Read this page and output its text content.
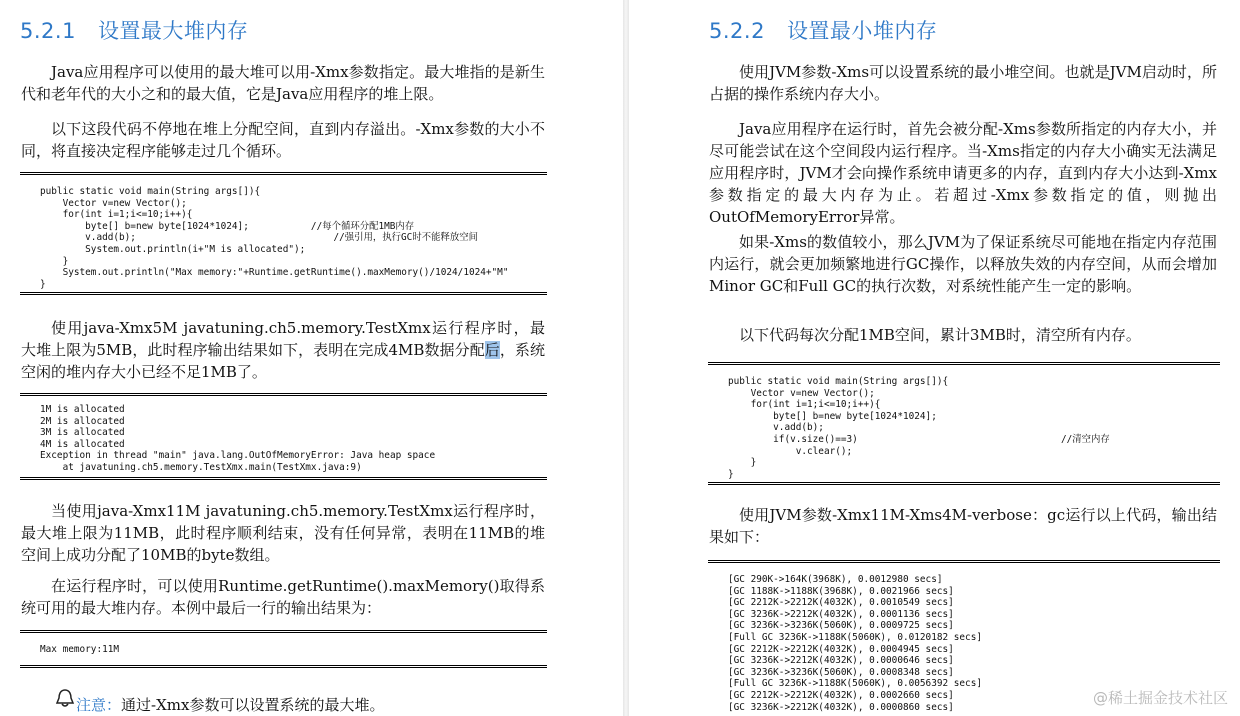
5.2.1 设置最大堆内存

Java应用程序可以使用的最大堆可以用-Xmx参数指定。最大堆指的是新生代和老年代的大小之和的最大值，它是Java应用程序的堆上限。

以下这段代码不停地在堆上分配空间，直到内存溢出。-Xmx参数的大小不同，将直接决定程序能够走过几个循环。

public static void main(String args[]){
Vector v=new Vector();
for(int i=1;i<=10;i++){
byte[] b=new byte[1024*1024];           //每个循环分配1MB内存
v.add(b);                                   //强引用，执行GC时不能释放空间
System.out.println(i+"M is allocated");
}
System.out.println("Max memory:"+Runtime.getRuntime().maxMemory()/1024/1024+"M"
}

使用java-Xmx5M javatuning.ch5.memory.TestXmx运行程序时，最大堆上限为5MB，此时程序输出结果如下，表明在完成4MB数据分配后，系统空闲的堆内存大小已经不足1MB了。

1M is allocated
2M is allocated
3M is allocated
4M is allocated
Exception in thread "main" java.lang.OutOfMemoryError: Java heap space
at javatuning.ch5.memory.TestXmx.main(TestXmx.java:9)

当使用java-Xmx11M javatuning.ch5.memory.TestXmx运行程序时，最大堆上限为11MB，此时程序顺利结束，没有任何异常，表明在11MB的堆空间上成功分配了10MB的byte数组。

在运行程序时，可以使用Runtime.getRuntime().maxMemory()取得系统可用的最大堆内存。本例中最后一行的输出结果为：

Max memory:11M
注意：通过-Xmx参数可以设置系统的最大堆。
5.2.2 设置最小堆内存

使用JVM参数-Xms可以设置系统的最小堆空间。也就是JVM启动时，所占据的操作系统内存大小。

Java应用程序在运行时，首先会被分配-Xms参数所指定的内存大小，并尽可能尝试在这个空间段内运行程序。当-Xms指定的内存大小确实无法满足应用程序时，JVM才会向操作系统申请更多的内存，直到内存大小达到-Xmx参数指定的最大内存为止。若超过-Xmx参数指定的值，则抛出OutOfMemoryError异常。

如果-Xms的数值较小，那么JVM为了保证系统尽可能地在指定内存范围内运行，就会更加频繁地进行GC操作，以释放失效的内存空间，从而会增加Minor GC和Full GC的执行次数，对系统性能产生一定的影响。

以下代码每次分配1MB空间，累计3MB时，清空所有内存。

public static void main(String args[]){
Vector v=new Vector();
for(int i=1;i<=10;i++){
byte[] b=new byte[1024*1024];
v.add(b);
if(v.size()==3)                                    //清空内存
v.clear();
}
}

使用JVM参数-Xmx11M-Xms4M-verbose：gc运行以上代码，输出结果如下：

[GC 290K->164K(3968K), 0.0012980 secs]
[GC 1188K->1188K(3968K), 0.0021966 secs]
[GC 2212K->2212K(4032K), 0.0010549 secs]
[GC 3236K->2212K(4032K), 0.0001136 secs]
[GC 3236K->3236K(5060K), 0.0009725 secs]
[Full GC 3236K->1188K(5060K), 0.0120182 secs]
[GC 2212K->2212K(4032K), 0.0004945 secs]
[GC 3236K->2212K(4032K), 0.0000646 secs]
[GC 3236K->3236K(5060K), 0.0008348 secs]
[Full GC 3236K->1188K(5060K), 0.0056392 secs]
[GC 2212K->2212K(4032K), 0.0002660 secs]
[GC 3236K->2212K(4032K), 0.0000860 secs]
@稀土掘金技术社区
